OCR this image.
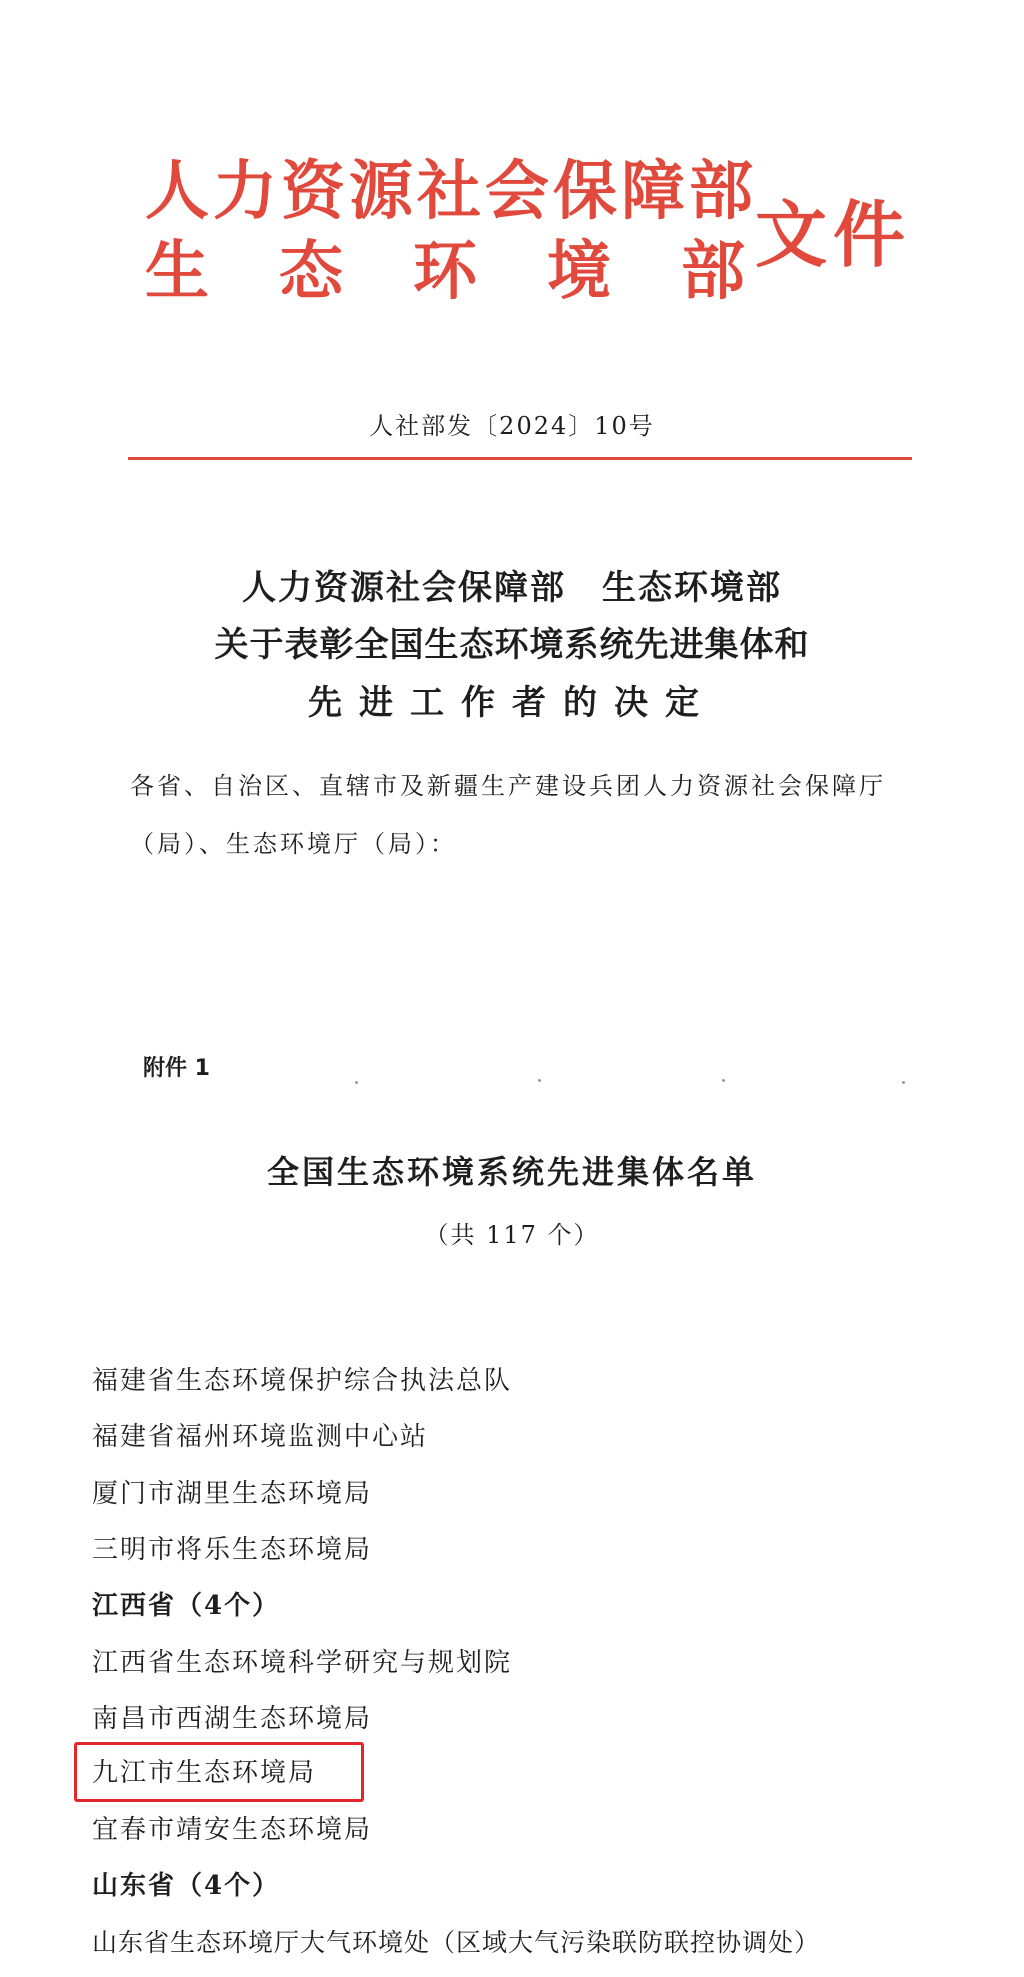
人力资源社会保障部
生 态 环 境 部 文件
人社部发〔2024〕10号
人力资源社会保障部　生态环境部
关于表彰全国生态环境系统先进集体和
先进工作者的决定
各省、自治区、直辖市及新疆生产建设兵团人力资源社会保障厅
（局）、生态环境厅（局）：
附件 1
全国生态环境系统先进集体名单
（共 117 个）
福建省生态环境保护综合执法总队
福建省福州环境监测中心站
厦门市湖里生态环境局
三明市将乐生态环境局
江西省（4个）
江西省生态环境科学研究与规划院
南昌市西湖生态环境局
九江市生态环境局
宜春市靖安生态环境局
山东省（4个）
山东省生态环境厅大气环境处（区域大气污染联防联控协调处）
